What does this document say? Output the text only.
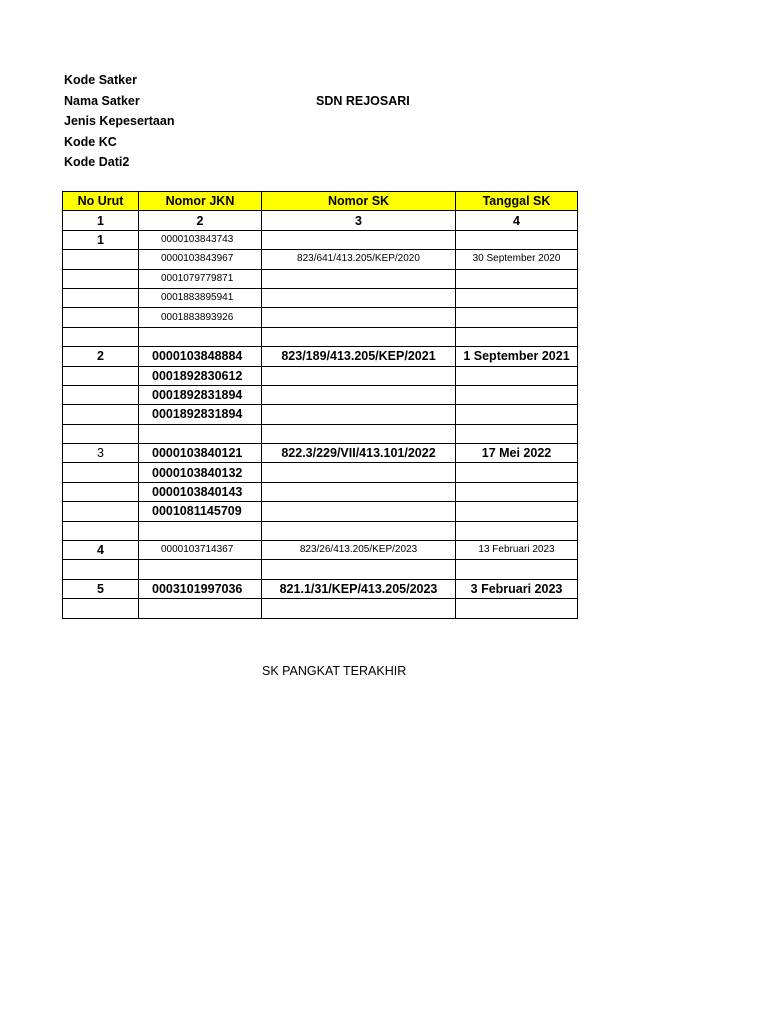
Kode Satker
Nama Satker	SDN REJOSARI
Jenis Kepesertaan
Kode KC
Kode Dati2
No Urut	Nomor JKN	Nomor SK	Tanggal SK
1	2	3	4
1	0000103843743		
	0000103843967	823/641/413.205/KEP/2020	30 September 2020
	0001079779871		
	0001883895941		
	0001883893926		

2	0000103848884	823/189/413.205/KEP/2021	1 September 2021
	0001892830612		
	0001892831894		
	0001892831894		

3	0000103840121	822.3/229/VII/413.101/2022	17 Mei 2022
	0000103840132		
	0000103840143		
	0001081145709		

4	0000103714367	823/26/413.205/KEP/2023	13 Februari 2023

5	0003101997036	821.1/31/KEP/413.205/2023	3 Februari 2023

SK PANGKAT TERAKHIR
